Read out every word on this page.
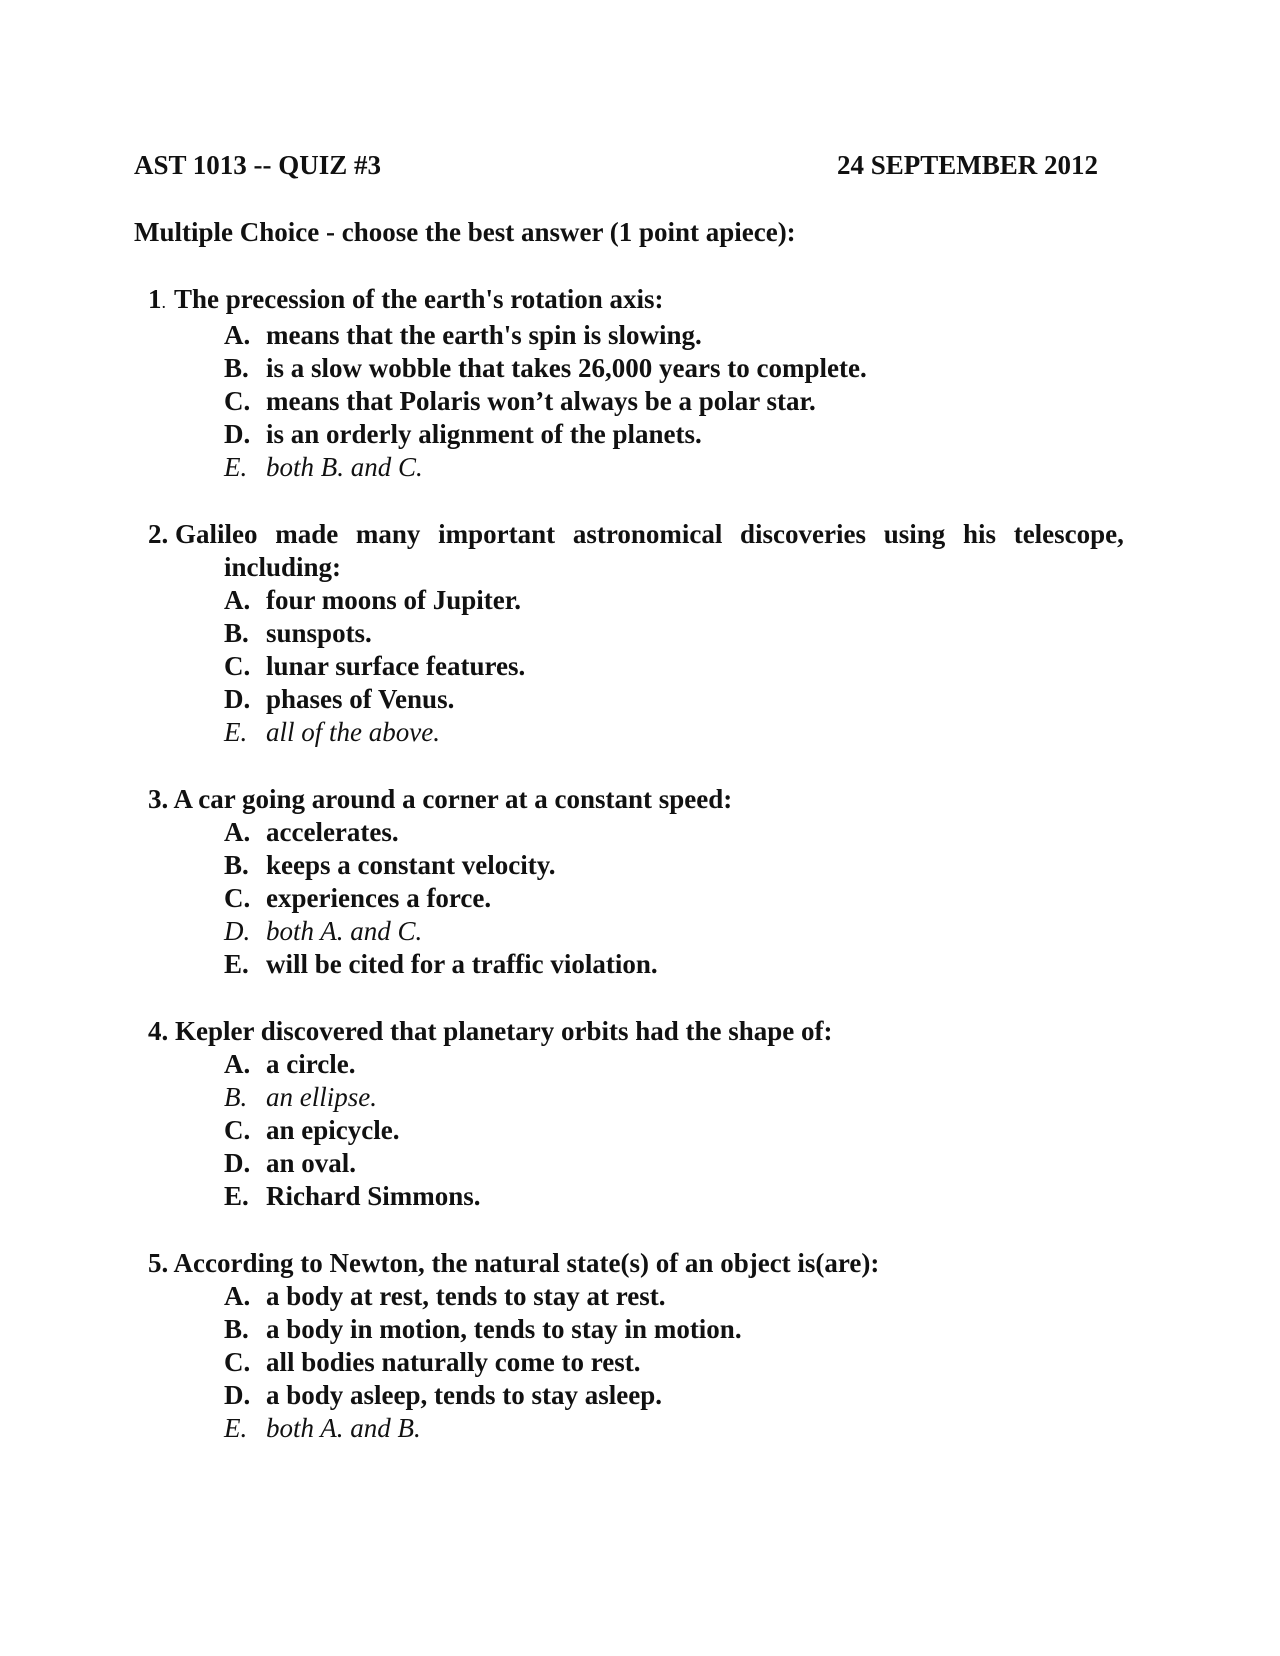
AST 1013 -- QUIZ #3	24 SEPTEMBER 2012
Multiple Choice - choose the best answer (1 point apiece):
1. The precession of the earth's rotation axis:
A. means that the earth's spin is slowing.
B. is a slow wobble that takes 26,000 years to complete.
C. means that Polaris won’t always be a polar star.
D. is an orderly alignment of the planets.
E. both B. and C.
2. Galileo made many important astronomical discoveries using his telescope,
including:
A. four moons of Jupiter.
B. sunspots.
C. lunar surface features.
D. phases of Venus.
E. all of the above.
3. A car going around a corner at a constant speed:
A. accelerates.
B. keeps a constant velocity.
C. experiences a force.
D. both A. and C.
E. will be cited for a traffic violation.
4. Kepler discovered that planetary orbits had the shape of:
A. a circle.
B. an ellipse.
C. an epicycle.
D. an oval.
E. Richard Simmons.
5. According to Newton, the natural state(s) of an object is(are):
A. a body at rest, tends to stay at rest.
B. a body in motion, tends to stay in motion.
C. all bodies naturally come to rest.
D. a body asleep, tends to stay asleep.
E. both A. and B.
